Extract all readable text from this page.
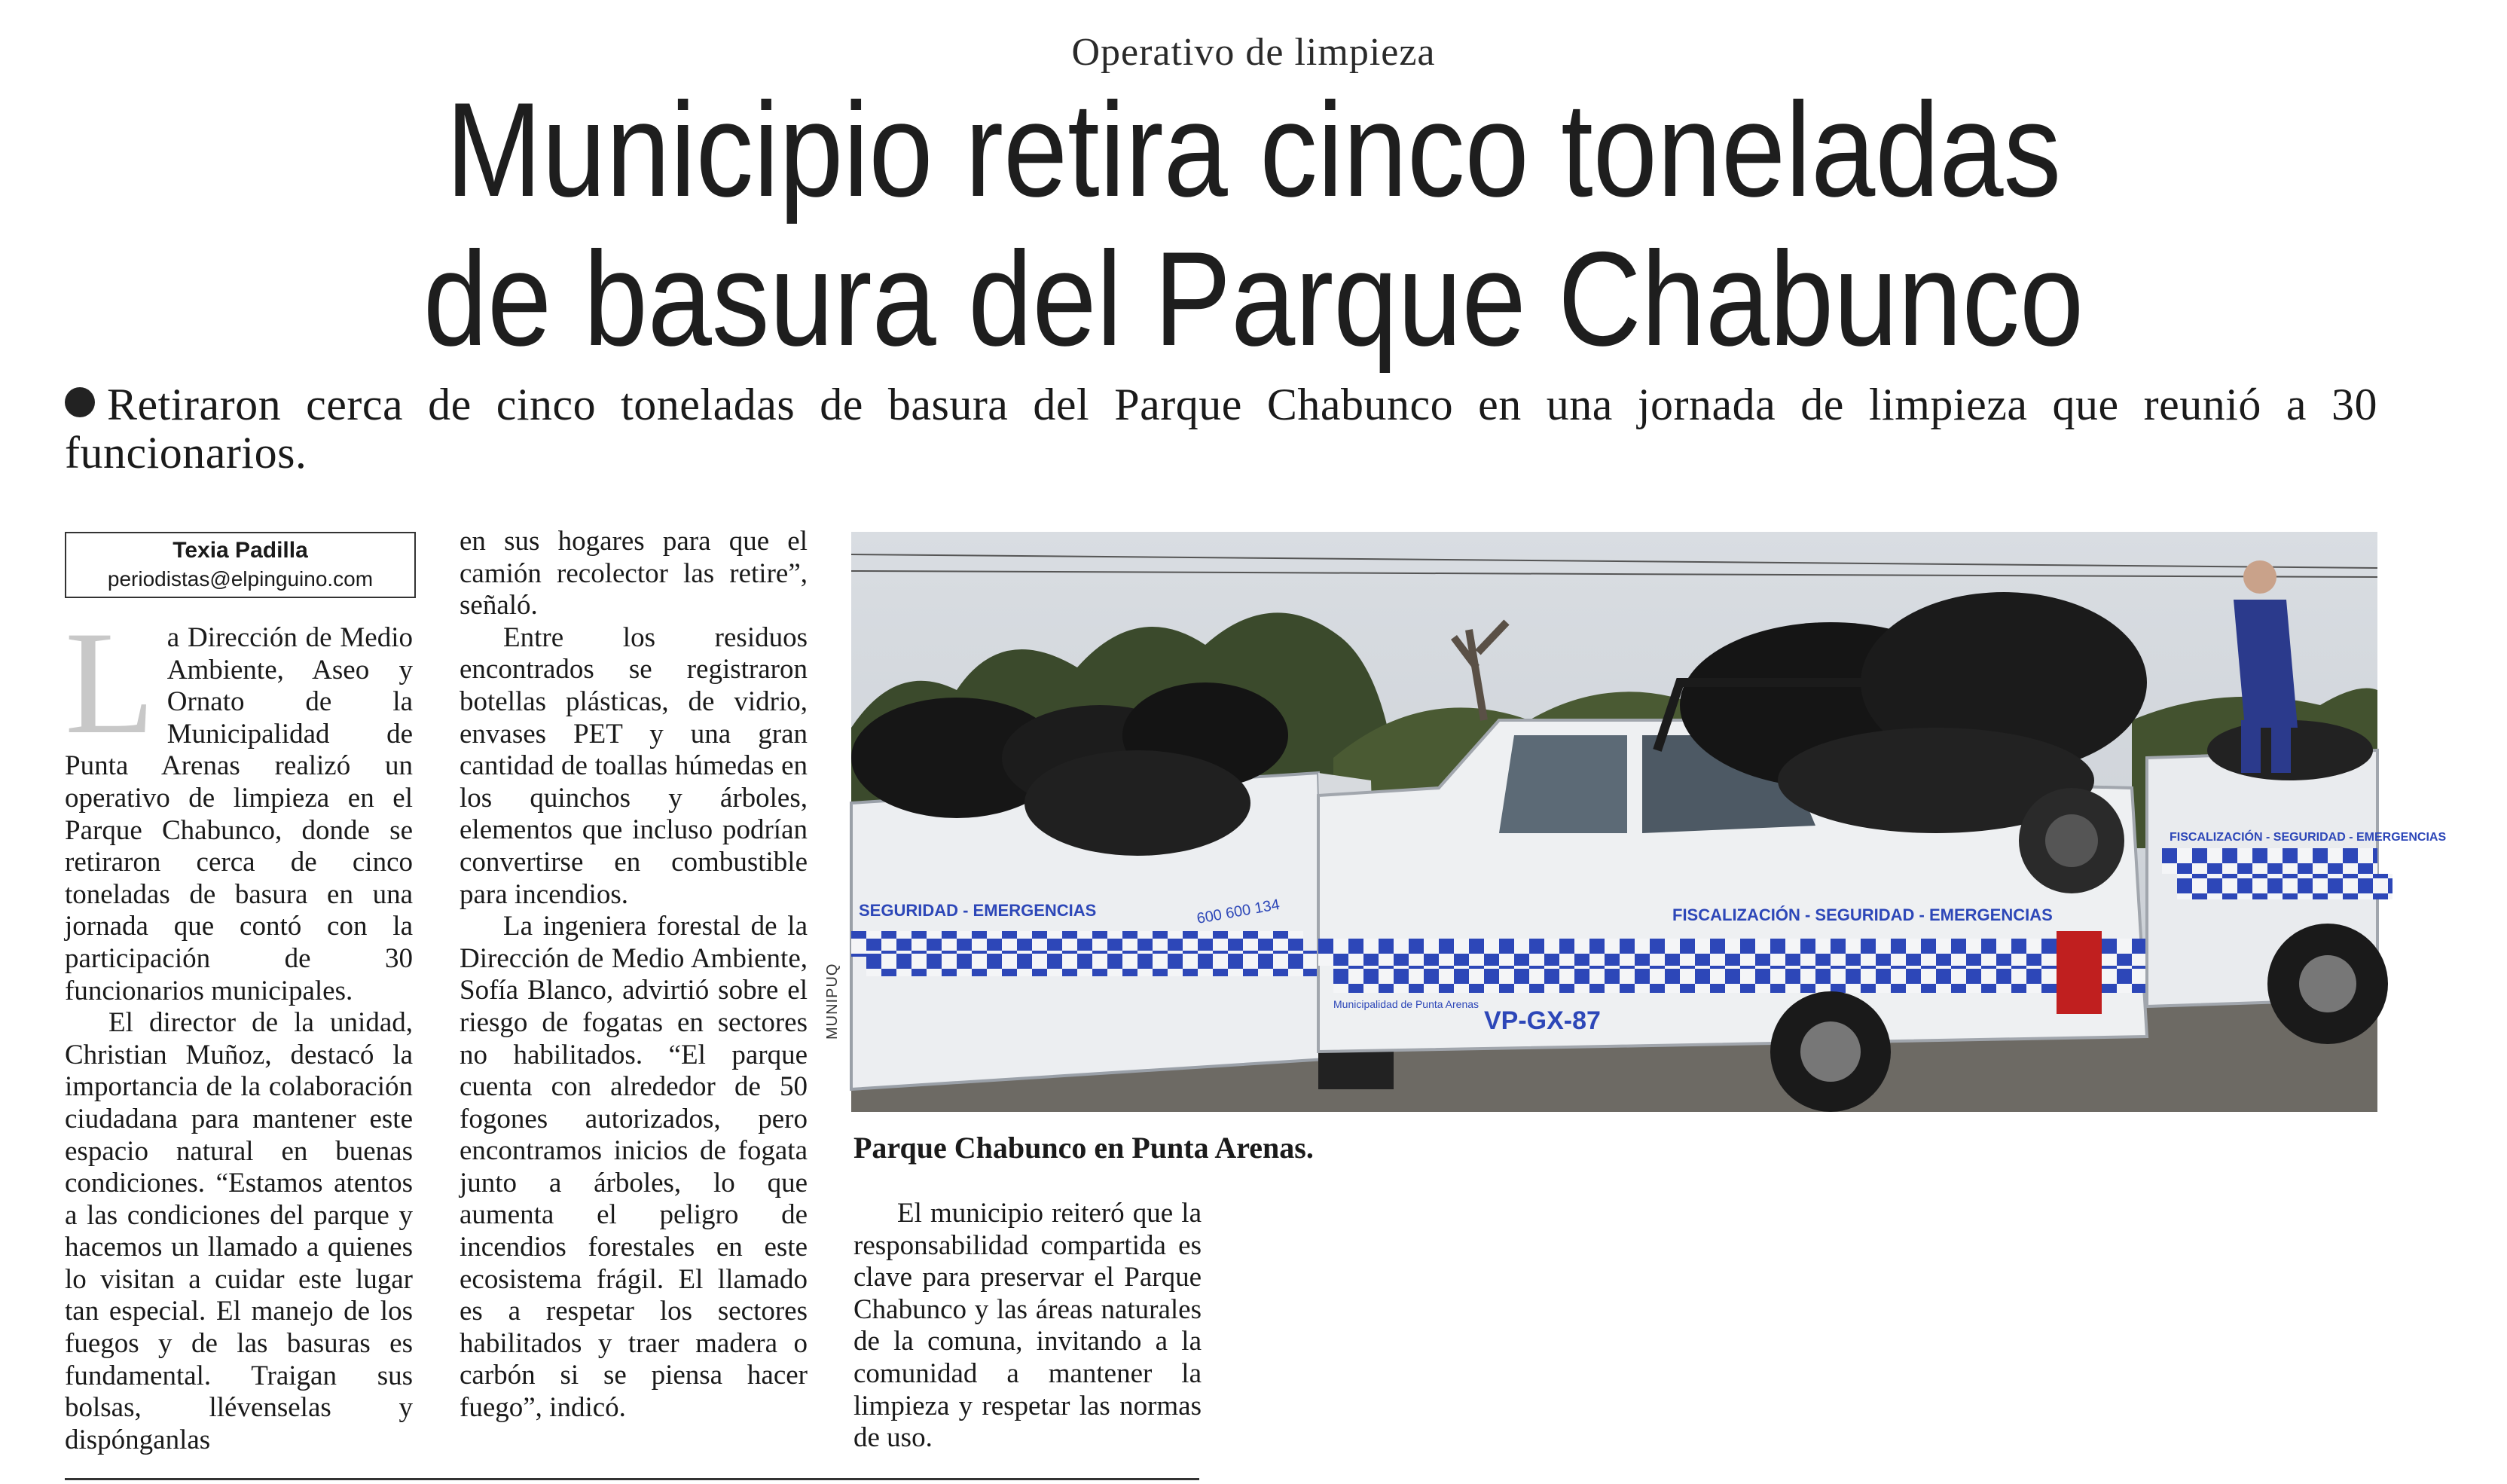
Operativo de limpieza
Municipio retira cinco toneladas
de basura del Parque Chabunco
Retiraron cerca de cinco toneladas de basura del Parque Chabunco en una jornada de limpieza que reunió a 30 funcionarios.
Texia Padilla
periodistas@elpinguino.com

La Dirección de Medio Ambiente, Aseo y Ornato de la Municipalidad de Punta Arenas realizó un operativo de limpieza en el Parque Chabunco, donde se retiraron cerca de cinco toneladas de basura en una jornada que contó con la participación de 30 funcionarios municipales.

El director de la unidad, Christian Muñoz, destacó la importancia de la colaboración ciudadana para mantener este espacio natural en buenas condiciones. “Estamos atentos a las condiciones del parque y hacemos un llamado a quienes lo visitan a cuidar este lugar tan especial. El manejo de los fuegos y de las basuras es fundamental. Traigan sus bolsas, llévenselas y dispónganlas

en sus hogares para que el camión recolector las retire”, señaló.

Entre los residuos encontrados se registraron botellas plásticas, de vidrio, envases PET y una gran cantidad de toallas húmedas en los quinchos y árboles, elementos que incluso podrían convertirse en combustible para incendios.

La ingeniera forestal de la Dirección de Medio Ambiente, Sofía Blanco, advirtió sobre el riesgo de fogatas en sectores no habilitados. “El parque cuenta con alrededor de 50 fogones autorizados, pero encontramos inicios de fogata junto a árboles, lo que aumenta el peligro de incendios forestales en este ecosistema frágil. El llamado es a respetar los sectores habilitados y traer madera o carbón si se piensa hacer fuego”, indicó.

SEGURIDAD - EMERGENCIAS	600 600 134	FISCALIZACIÓN - SEGURIDAD - EMERGENCIAS
VP-GX-87
Municipalidad de Punta Arenas
FISCALIZACIÓN - SEGURIDAD - EMERGENCIAS
MUNIPUQ
Parque Chabunco en Punta Arenas.

El municipio reiteró que la responsabilidad compartida es clave para preservar el Parque Chabunco y las áreas naturales de la comuna, invitando a la comunidad a mantener la limpieza y respetar las normas de uso.
